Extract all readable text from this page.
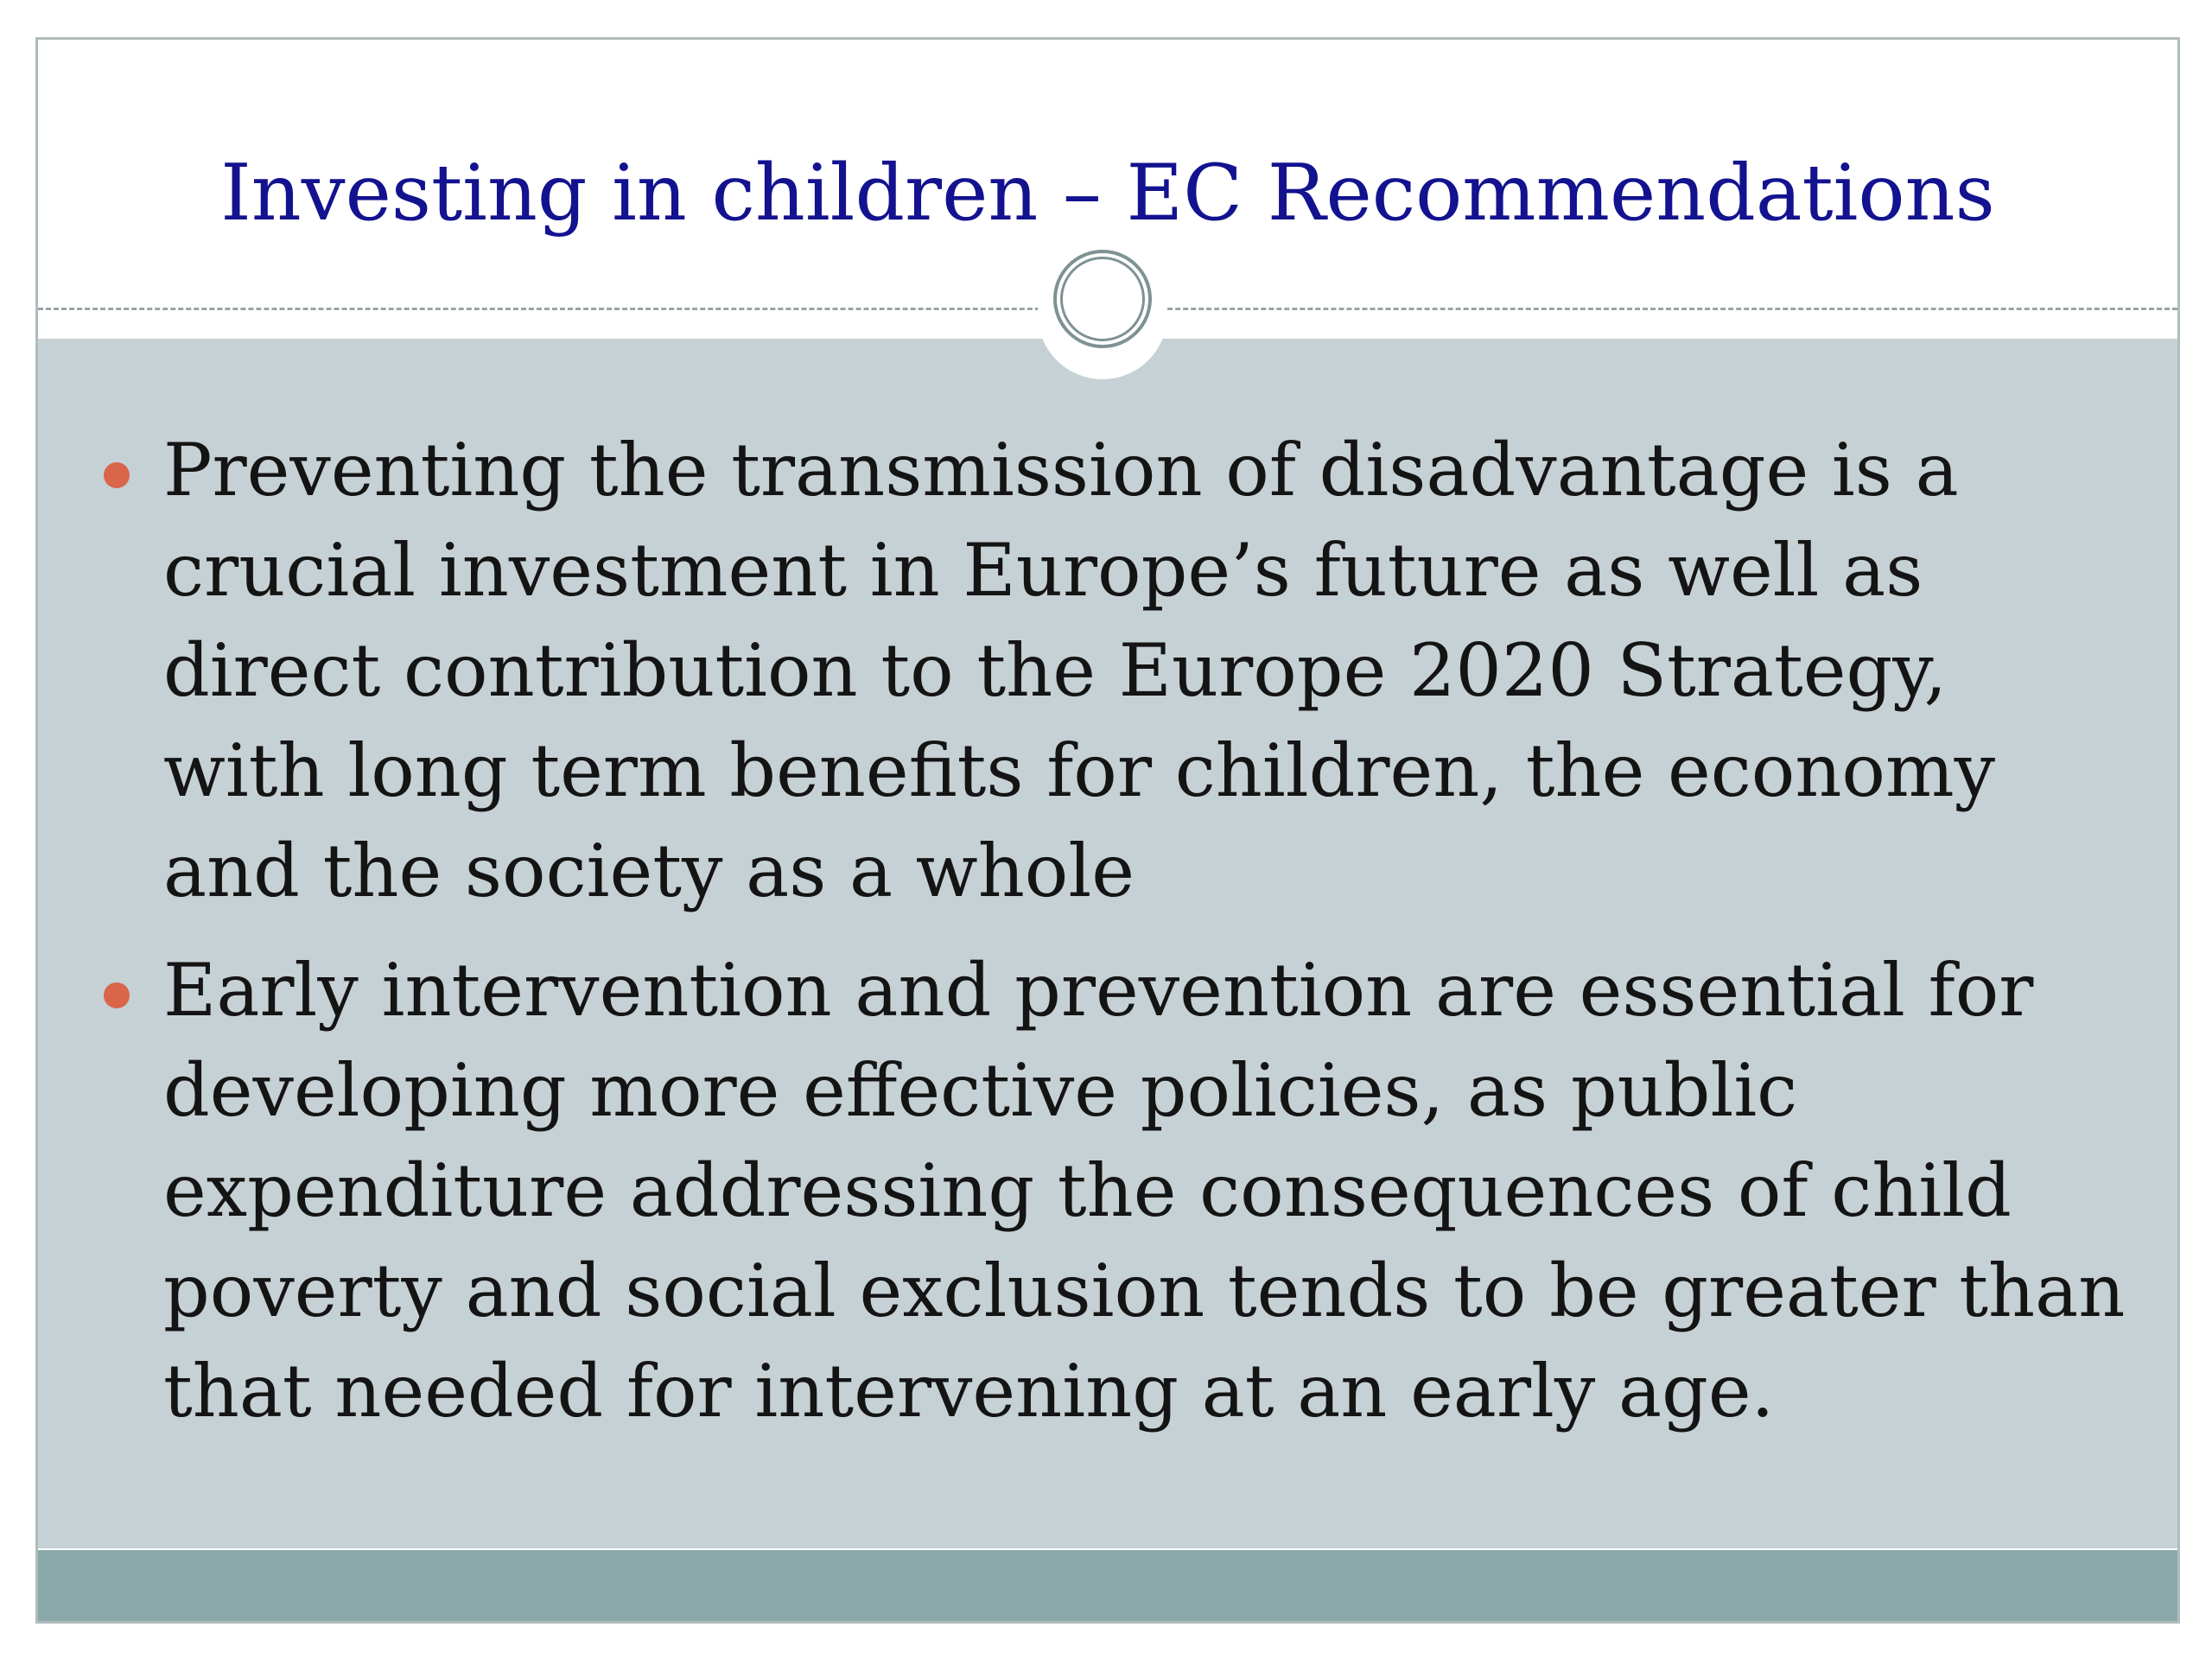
Investing in children – EC Recommendations
Preventing the transmission of disadvantage is a
crucial investment in Europe’s future as well as
direct contribution to the Europe 2020 Strategy,
with long term benefits for children, the economy
and the society as a whole
Early intervention and prevention are essential for
developing more effective policies, as public
expenditure addressing the consequences of child
poverty and social exclusion tends to be greater than
that needed for intervening at an early age.
